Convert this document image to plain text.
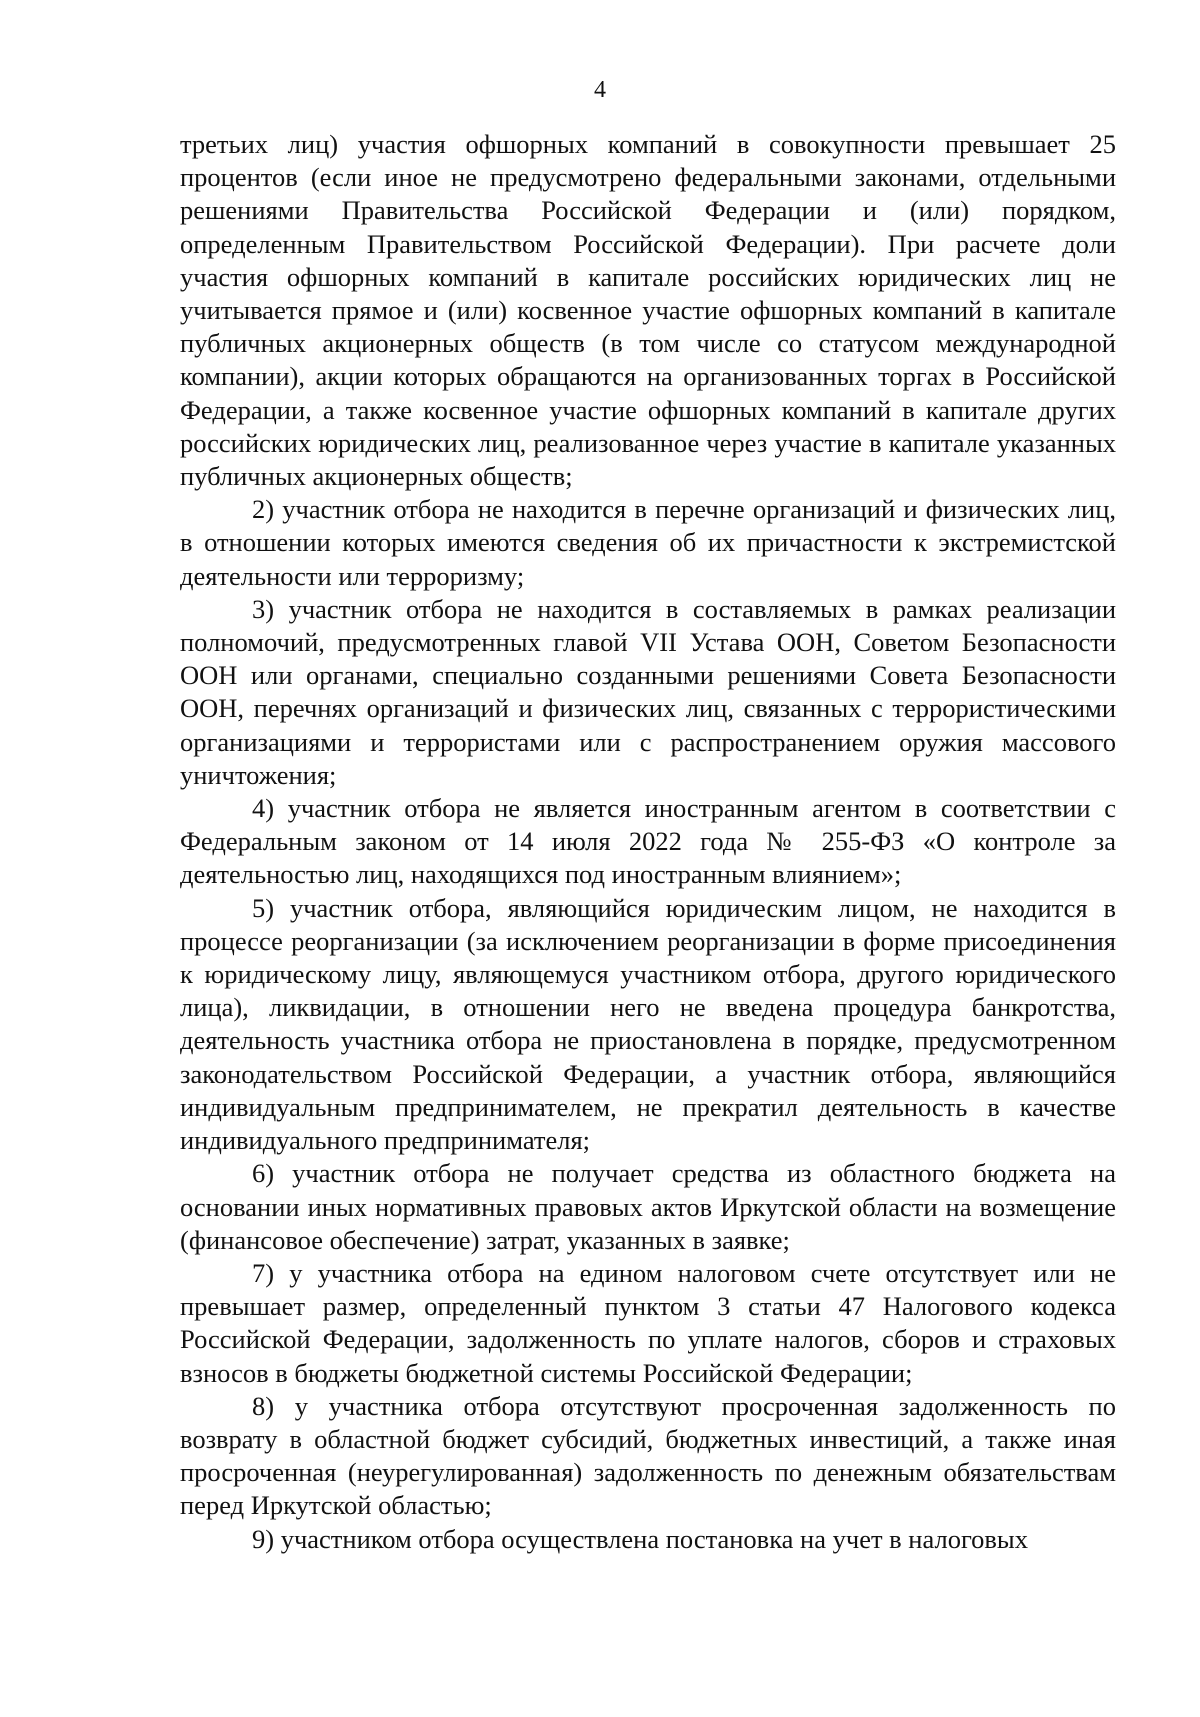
4

третьих лиц) участия офшорных компаний в совокупности превышает 25 процентов (если иное не предусмотрено федеральными законами, отдельными решениями Правительства Российской Федерации и (или) порядком, определенным Правительством Российской Федерации). При расчете доли участия офшорных компаний в капитале российских юридических лиц не учитывается прямое и (или) косвенное участие офшорных компаний в капитале публичных акционерных обществ (в том числе со статусом международной компании), акции которых обращаются на организованных торгах в Российской Федерации, а также косвенное участие офшорных компаний в капитале других российских юридических лиц, реализованное через участие в капитале указанных публичных акционерных обществ;

2) участник отбора не находится в перечне организаций и физических лиц, в отношении которых имеются сведения об их причастности к экстремистской деятельности или терроризму;

3) участник отбора не находится в составляемых в рамках реализации полномочий, предусмотренных главой VII Устава ООН, Советом Безопасности ООН или органами, специально созданными решениями Совета Безопасности ООН, перечнях организаций и физических лиц, связанных с террористическими организациями и террористами или с распространением оружия массового уничтожения;

4) участник отбора не является иностранным агентом в соответствии с Федеральным законом от 14 июля 2022 года № 255-ФЗ «О контроле за деятельностью лиц, находящихся под иностранным влиянием»;

5) участник отбора, являющийся юридическим лицом, не находится в процессе реорганизации (за исключением реорганизации в форме присоединения к юридическому лицу, являющемуся участником отбора, другого юридического лица), ликвидации, в отношении него не введена процедура банкротства, деятельность участника отбора не приостановлена в порядке, предусмотренном законодательством Российской Федерации, а участник отбора, являющийся индивидуальным предпринимателем, не прекратил деятельность в качестве индивидуального предпринимателя;

6) участник отбора не получает средства из областного бюджета на основании иных нормативных правовых актов Иркутской области на возмещение (финансовое обеспечение) затрат, указанных в заявке;

7) у участника отбора на едином налоговом счете отсутствует или не превышает размер, определенный пунктом 3 статьи 47 Налогового кодекса Российской Федерации, задолженность по уплате налогов, сборов и страховых взносов в бюджеты бюджетной системы Российской Федерации;

8) у участника отбора отсутствуют просроченная задолженность по возврату в областной бюджет субсидий, бюджетных инвестиций, а также иная просроченная (неурегулированная) задолженность по денежным обязательствам перед Иркутской областью;

9) участником отбора осуществлена постановка на учет в налоговых
